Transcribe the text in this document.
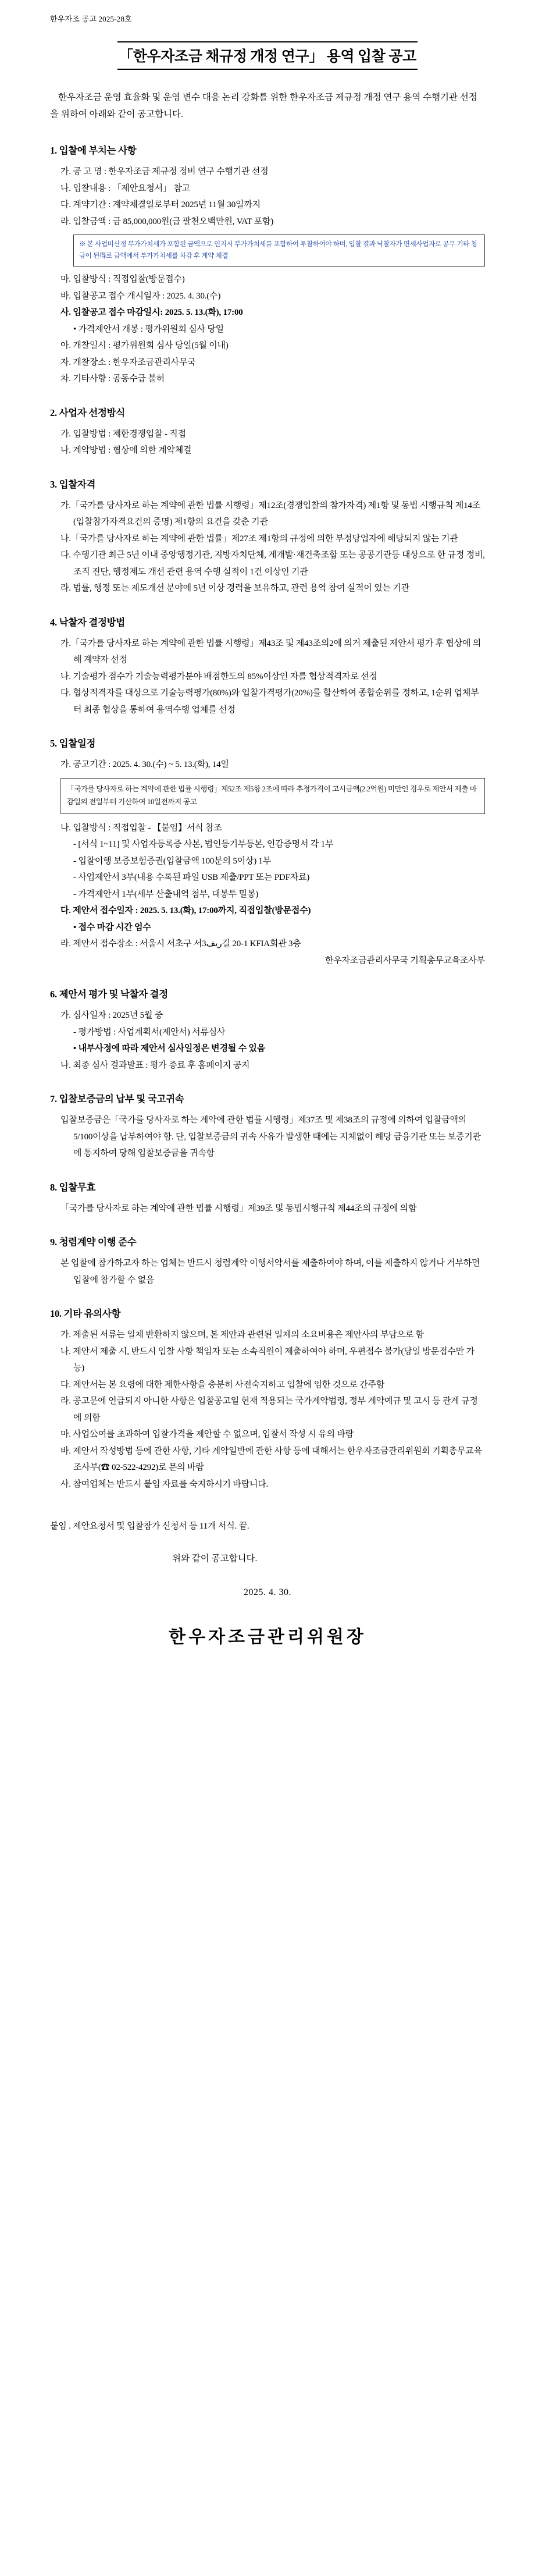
한우자조 공고 2025-28호
「한우자조금 채규정 개정 연구」 용역 입찰 공고
한우자조금 운영 효율화 및 운영 변수 대응 논리 강화를 위한 한우자조금 제규정 개정 연구 용역 수행기관 선정을 위하여 아래와 같이 공고합니다.
1. 입찰에 부치는 사항
가. 공 고 명 : 한우자조금 제규정 정비 연구 수행기관 선정
나. 입찰내용 : 「제안요청서」 참고
다. 계약기간 : 계약체결일로부터 2025년 11월 30일까지
라. 입찰금액 : 금 85,000,000원(급 팔천오백만원, VAT 포함)
※ 본 사업비산정 부가가치세가 포함된 금액으로 인지시 부가가치세를 포함하여 투찰하여야 하며, 입찰 결과 낙찰자가 면세사업자로 공무 기타 청금이 된得로 금액에서 부가가치세를 차감 후 계약 체결
마. 입찰방식 : 직접입찰(방문접수)
바. 입찰공고 접수 개시일자 : 2025. 4. 30.(수)
사. 입찰공고 접수 마감일시: 2025. 5. 13.(화), 17:00
• 가격제안서 개봉 : 평가위원회 심사 당일
아. 개찰일시 : 평가위원회 심사 당일(5월 이내)
자. 개찰장소 : 한우자조금관리사무국
차. 기타사항 : 공동수급 불허
2. 사업자 선정방식
가. 입찰방법 : 제한경쟁입찰 - 직접
나. 계약방법 : 협상에 의한 계약체결
3. 입찰자격
가.「국가를 당사자로 하는 계약에 관한 법률 시행령」제12조(경쟁입찰의 참가자격) 제1항 및 동법 시행규칙 제14조(입찰참가자격요건의 증명) 제1항의 요건을 갖춘 기관
나.「국가를 당사자로 하는 계약에 관한 법률」제27조 제1항의 규정에 의한 부정당업자에 해당되지 않는 기관
다. 수행기관 최근 5년 이내 중앙행정기관, 지방자치단체, 계개발·재건축조합 또는 공공기관등 대상으로 한 규정 정비, 조직 진단, 행정제도 개선 관련 용역 수행 실적이 1건 이상인 기관
라. 법률, 행정 또는 제도개선 분야에 5년 이상 경력을 보유하고, 관련 용역 참여 실적이 있는 기관
4. 낙찰자 결정방법
가.「국가를 당사자로 하는 계약에 관한 법률 시행령」제43조 및 제43조의2에 의거 제출된 제안서 평가 후 협상에 의해 계약자 선정
나. 기술평가 점수가 기술능력평가분야 배점한도의 85%이상인 자를 협상적격자로 선정
다. 협상적격자를 대상으로 기술능력평가(80%)와 입찰가격평가(20%)를 합산하여 종합순위를 정하고, 1순위 업체부터 최종 협상을 통하여 용역수행 업체를 선정
5. 입찰일정
가. 공고기간 : 2025. 4. 30.(수) ~ 5. 13.(화), 14일
「국가를 당사자로 하는 계약에 관한 법률 시행령」제52조 제5항 2조에 따라 추정가격이 고시금액(2.2억원) 미만인 경우로 제안서 제출 마감일의 전일부터 기산하여 10일전까지 공고
나. 입찰방식 : 직접입찰 - 【붙임】서식 참조
- [서식 1~11] 및 사업자등록증 사본, 법인등기부등본, 인감증명서 각 1부
- 입찰이행 보증보험증권(입찰금액 100분의 5이상) 1부
- 사업제안서 3부(내용 수록된 파일 USB 제출/PPT 또는 PDF자료)
- 가격제안서 1부(세부 산출내역 첨부, 대봉투 밀봉)
다. 제안서 접수일자 : 2025. 5. 13.(화), 17:00까지, 직접입찰(방문접수)
• 접수 마감 시간 엄수
라. 제안서 접수장소 : 서울시 서초구 서ریف3길 20-1 KFIA회관 3층
한우자조금관리사무국 기획총무교육조사부
6. 제안서 평가 및 낙찰자 결정
가. 심사일자 : 2025년 5월 중
- 평가방법 : 사업계획서(제안서) 서류심사
• 내부사정에 따라 제안서 심사일정은 변경될 수 있음
나. 최종 심사 결과발표 : 평가 종료 후 홈페이지 공지
7. 입찰보증금의 납부 및 국고귀속
입찰보증금은「국가를 당사자로 하는 계약에 관한 법률 시행령」제37조 및 제38조의 규정에 의하여 입찰금액의 5/100이상을 납부하여야 함. 단, 입찰보증금의 귀속 사유가 발생한 때에는 지체없이 해당 금융기관 또는 보증기관에 통지하여 당해 입찰보증금을 귀속함
8. 입찰무효
「국가를 당사자로 하는 계약에 관한 법률 시행령」제39조 및 동법시행규칙 제44조의 규정에 의함
9. 청렴계약 이행 준수
본 입찰에 참가하고자 하는 업체는 반드시 청렴계약 이행서약서를 제출하여야 하며, 이를 제출하지 않거나 거부하면 입찰에 참가할 수 없음
10. 기타 유의사항
가. 제출된 서류는 일체 반환하지 않으며, 본 제안과 관련된 일체의 소요비용은 제안사의 부담으로 함
나. 제안서 제출 시, 반드시 입찰 사항 책임자 또는 소속직원이 제출하여야 하며, 우편접수 불가(당일 방문접수만 가능)
다. 제안서는 본 요령에 대한 제한사항을 충분히 사전숙지하고 입찰에 임한 것으로 간주함
라. 공고문에 언급되지 아니한 사항은 입찰공고일 현재 적용되는 국가계약법령, 정부 계약예규 및 고시 등 관계 규정에 의함
마. 사업公여를 초과하여 입찰가격을 제안할 수 없으며, 입찰서 작성 시 유의 바람
바. 제안서 작성방법 등에 관한 사항, 기타 계약일반에 관한 사항 등에 대해서는 한우자조금관리위원회 기획총무교육조사부(☎ 02-522-4292)로 문의 바람
사. 참여업체는 반드시 붙임 자료를 숙지하시기 바랍니다.
붙임 . 제안요청서 및 입찰참가 신청서 등 11개 서식. 끝.
위와 같이 공고합니다.
2025. 4. 30.
한우자조금관리위원장
